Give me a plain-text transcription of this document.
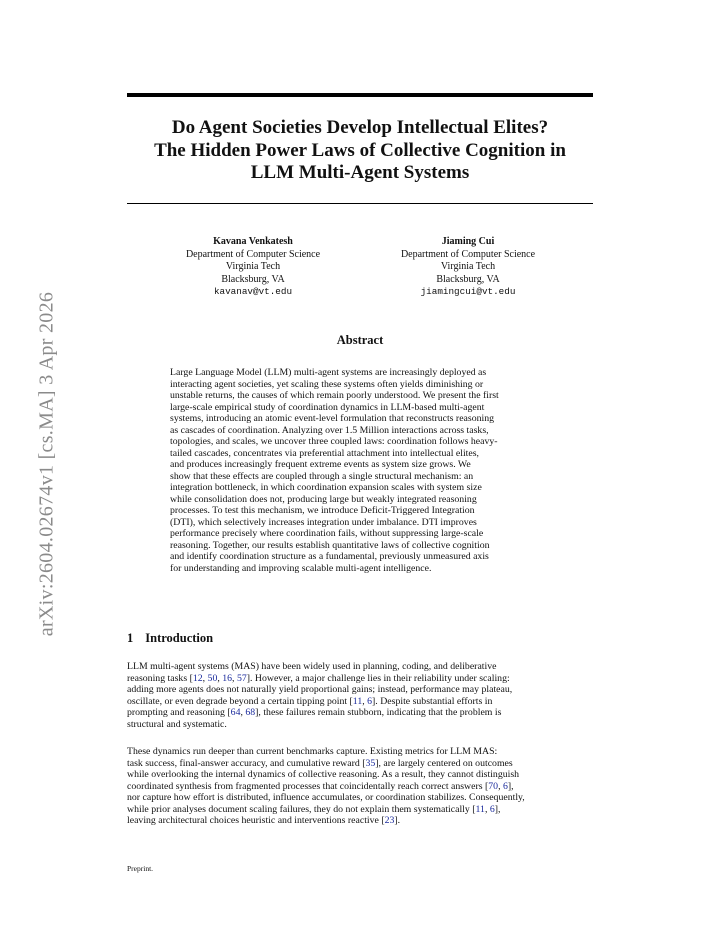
Do Agent Societies Develop Intellectual Elites?
The Hidden Power Laws of Collective Cognition in
LLM Multi-Agent Systems
Kavana Venkatesh
Department of Computer Science
Virginia Tech
Blacksburg, VA
kavanav@vt.edu
Jiaming Cui
Department of Computer Science
Virginia Tech
Blacksburg, VA
jiamingcui@vt.edu
Abstract
Large Language Model (LLM) multi-agent systems are increasingly deployed as
interacting agent societies, yet scaling these systems often yields diminishing or
unstable returns, the causes of which remain poorly understood. We present the first
large-scale empirical study of coordination dynamics in LLM-based multi-agent
systems, introducing an atomic event-level formulation that reconstructs reasoning
as cascades of coordination. Analyzing over 1.5 Million interactions across tasks,
topologies, and scales, we uncover three coupled laws: coordination follows heavy-
tailed cascades, concentrates via preferential attachment into intellectual elites,
and produces increasingly frequent extreme events as system size grows. We
show that these effects are coupled through a single structural mechanism: an
integration bottleneck, in which coordination expansion scales with system size
while consolidation does not, producing large but weakly integrated reasoning
processes. To test this mechanism, we introduce Deficit-Triggered Integration
(DTI), which selectively increases integration under imbalance. DTI improves
performance precisely where coordination fails, without suppressing large-scale
reasoning. Together, our results establish quantitative laws of collective cognition
and identify coordination structure as a fundamental, previously unmeasured axis
for understanding and improving scalable multi-agent intelligence.
1 Introduction
LLM multi-agent systems (MAS) have been widely used in planning, coding, and deliberative
reasoning tasks [12, 50, 16, 57]. However, a major challenge lies in their reliability under scaling:
adding more agents does not naturally yield proportional gains; instead, performance may plateau,
oscillate, or even degrade beyond a certain tipping point [11, 6]. Despite substantial efforts in
prompting and reasoning [64, 68], these failures remain stubborn, indicating that the problem is
structural and systematic.
These dynamics run deeper than current benchmarks capture. Existing metrics for LLM MAS:
task success, final-answer accuracy, and cumulative reward [35], are largely centered on outcomes
while overlooking the internal dynamics of collective reasoning. As a result, they cannot distinguish
coordinated synthesis from fragmented processes that coincidentally reach correct answers [70, 6],
nor capture how effort is distributed, influence accumulates, or coordination stabilizes. Consequently,
while prior analyses document scaling failures, they do not explain them systematically [11, 6],
leaving architectural choices heuristic and interventions reactive [23].
Preprint.
arXiv:2604.02674v1 [cs.MA] 3 Apr 2026
